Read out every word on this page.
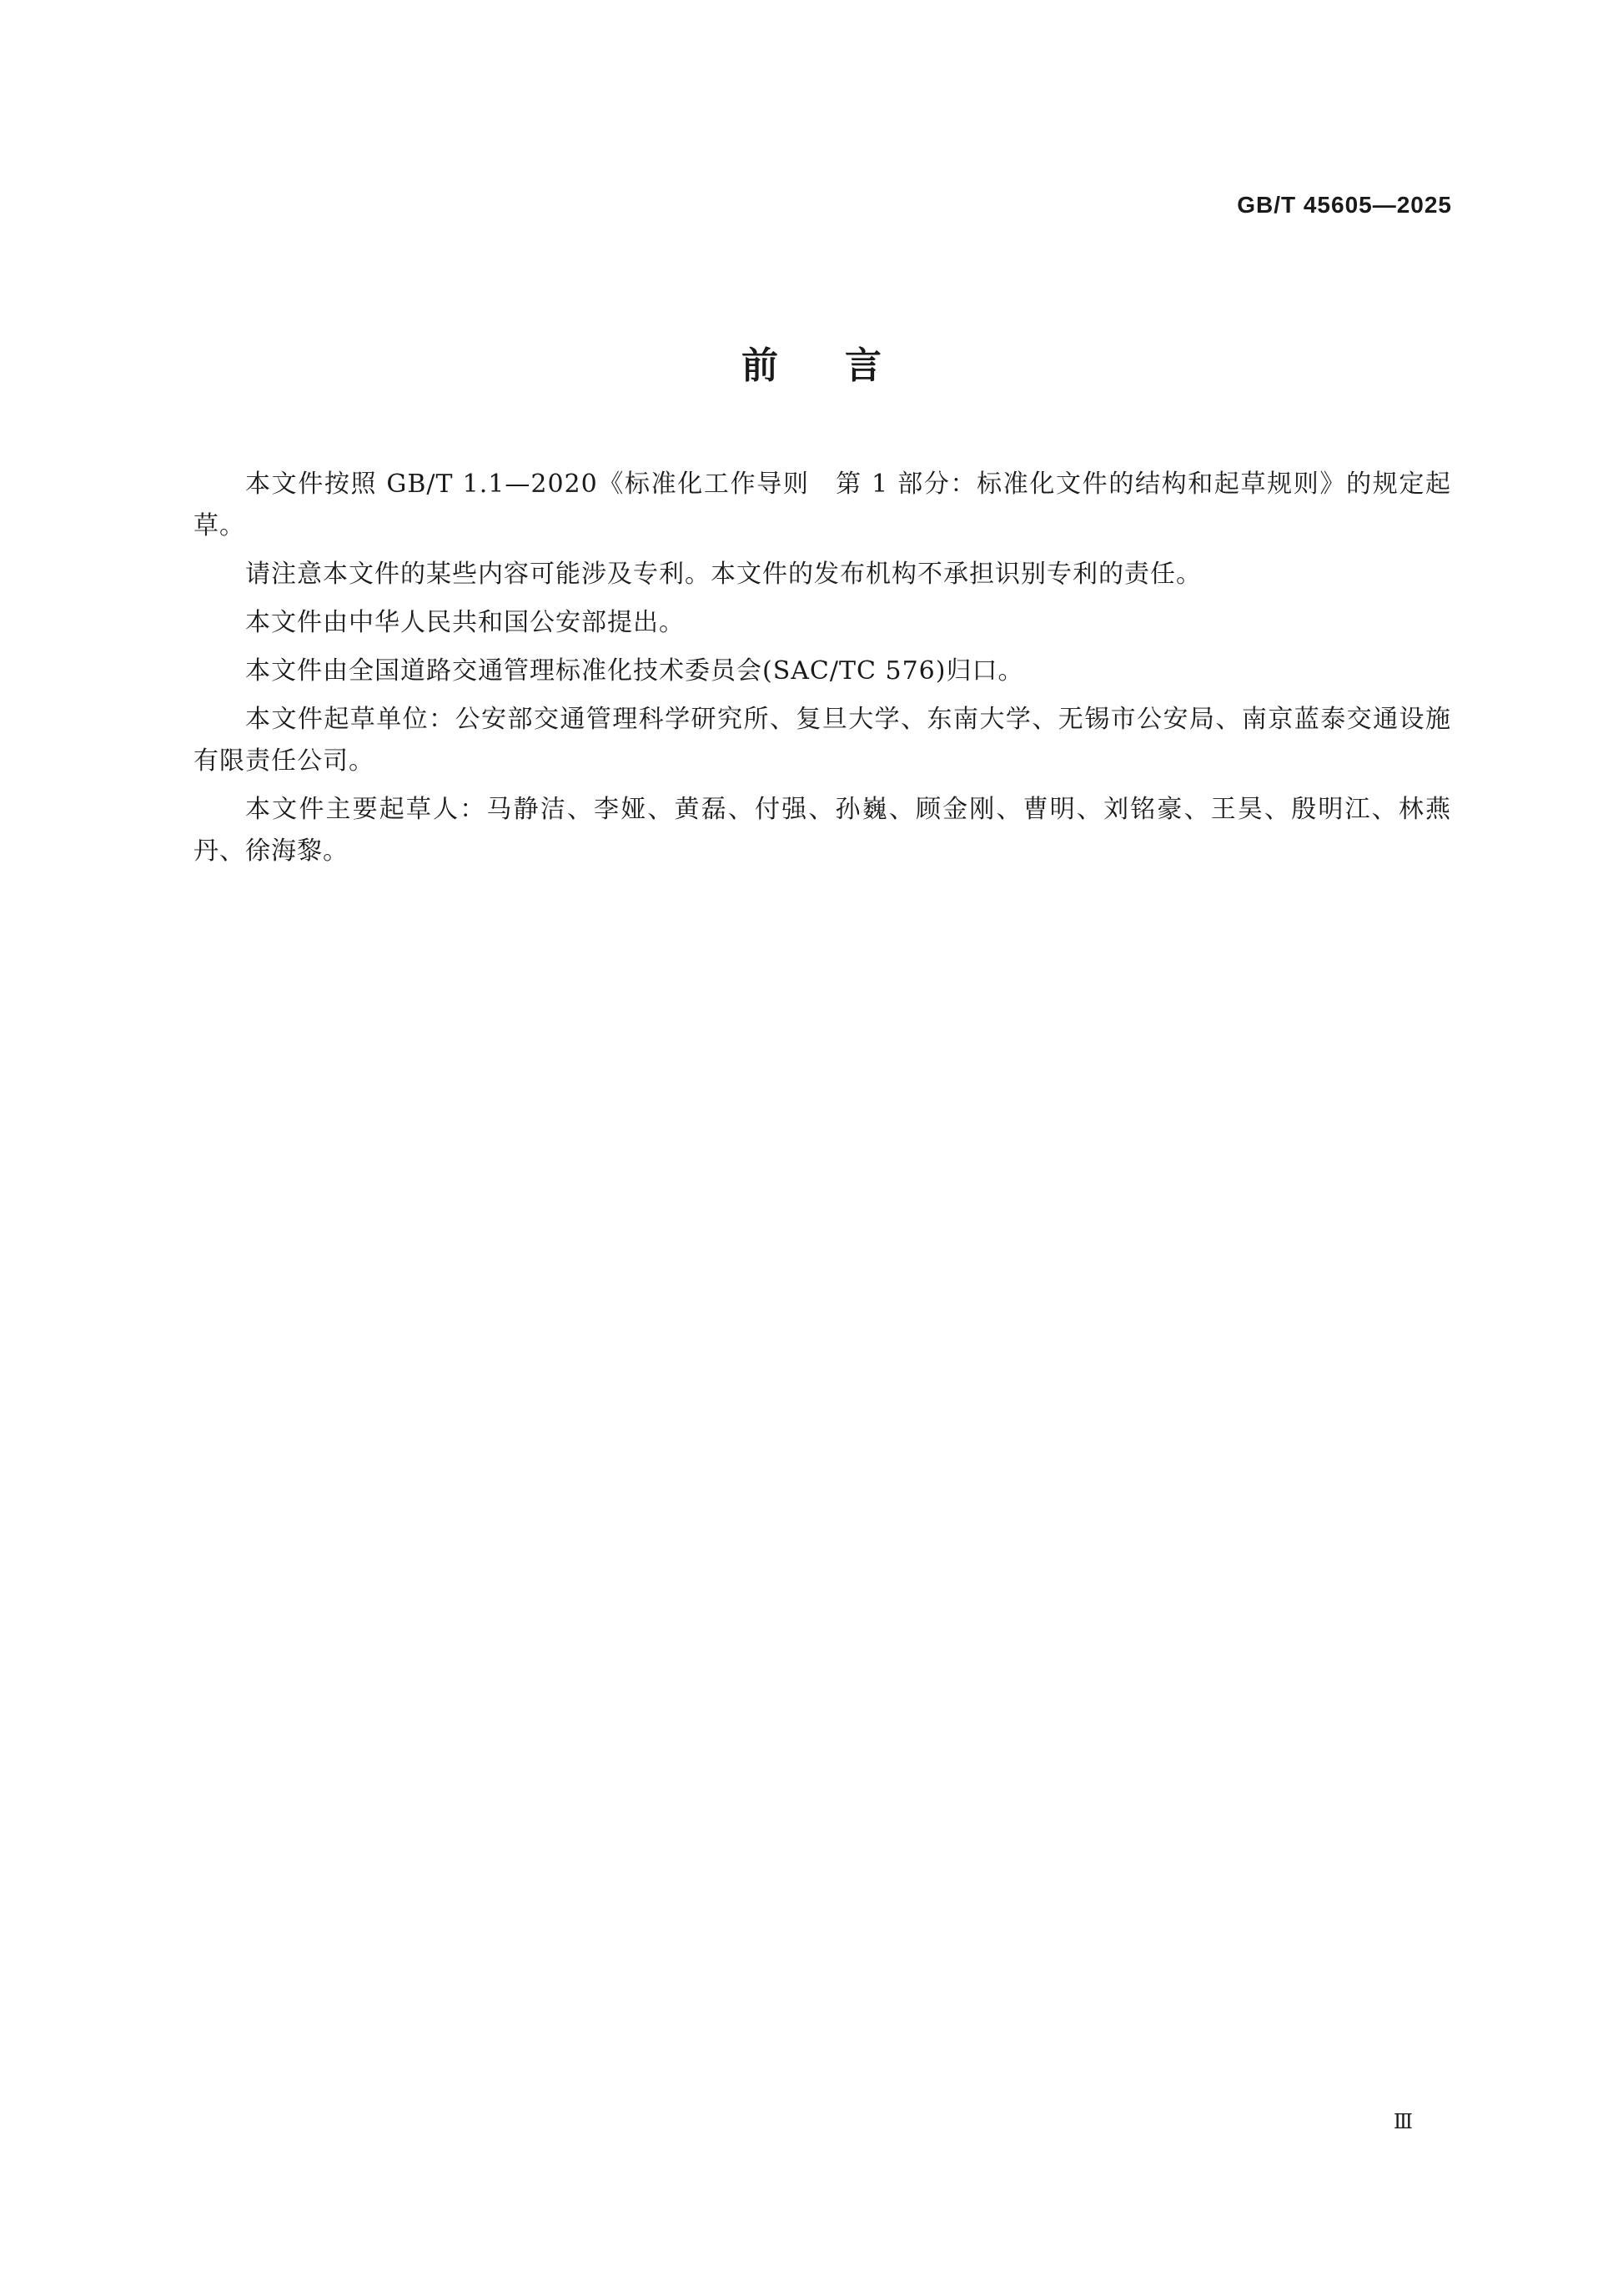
GB/T 45605—2025
前言

本文件按照 GB/T 1.1—2020《标准化工作导则　第 1 部分：标准化文件的结构和起草规则》的规定起草。

请注意本文件的某些内容可能涉及专利。本文件的发布机构不承担识别专利的责任。

本文件由中华人民共和国公安部提出。

本文件由全国道路交通管理标准化技术委员会(SAC/TC 576)归口。

本文件起草单位：公安部交通管理科学研究所、复旦大学、东南大学、无锡市公安局、南京蓝泰交通设施有限责任公司。

本文件主要起草人：马静洁、李娅、黄磊、付强、孙巍、顾金刚、曹明、刘铭豪、王昊、殷明江、林燕丹、徐海黎。

Ⅲ
